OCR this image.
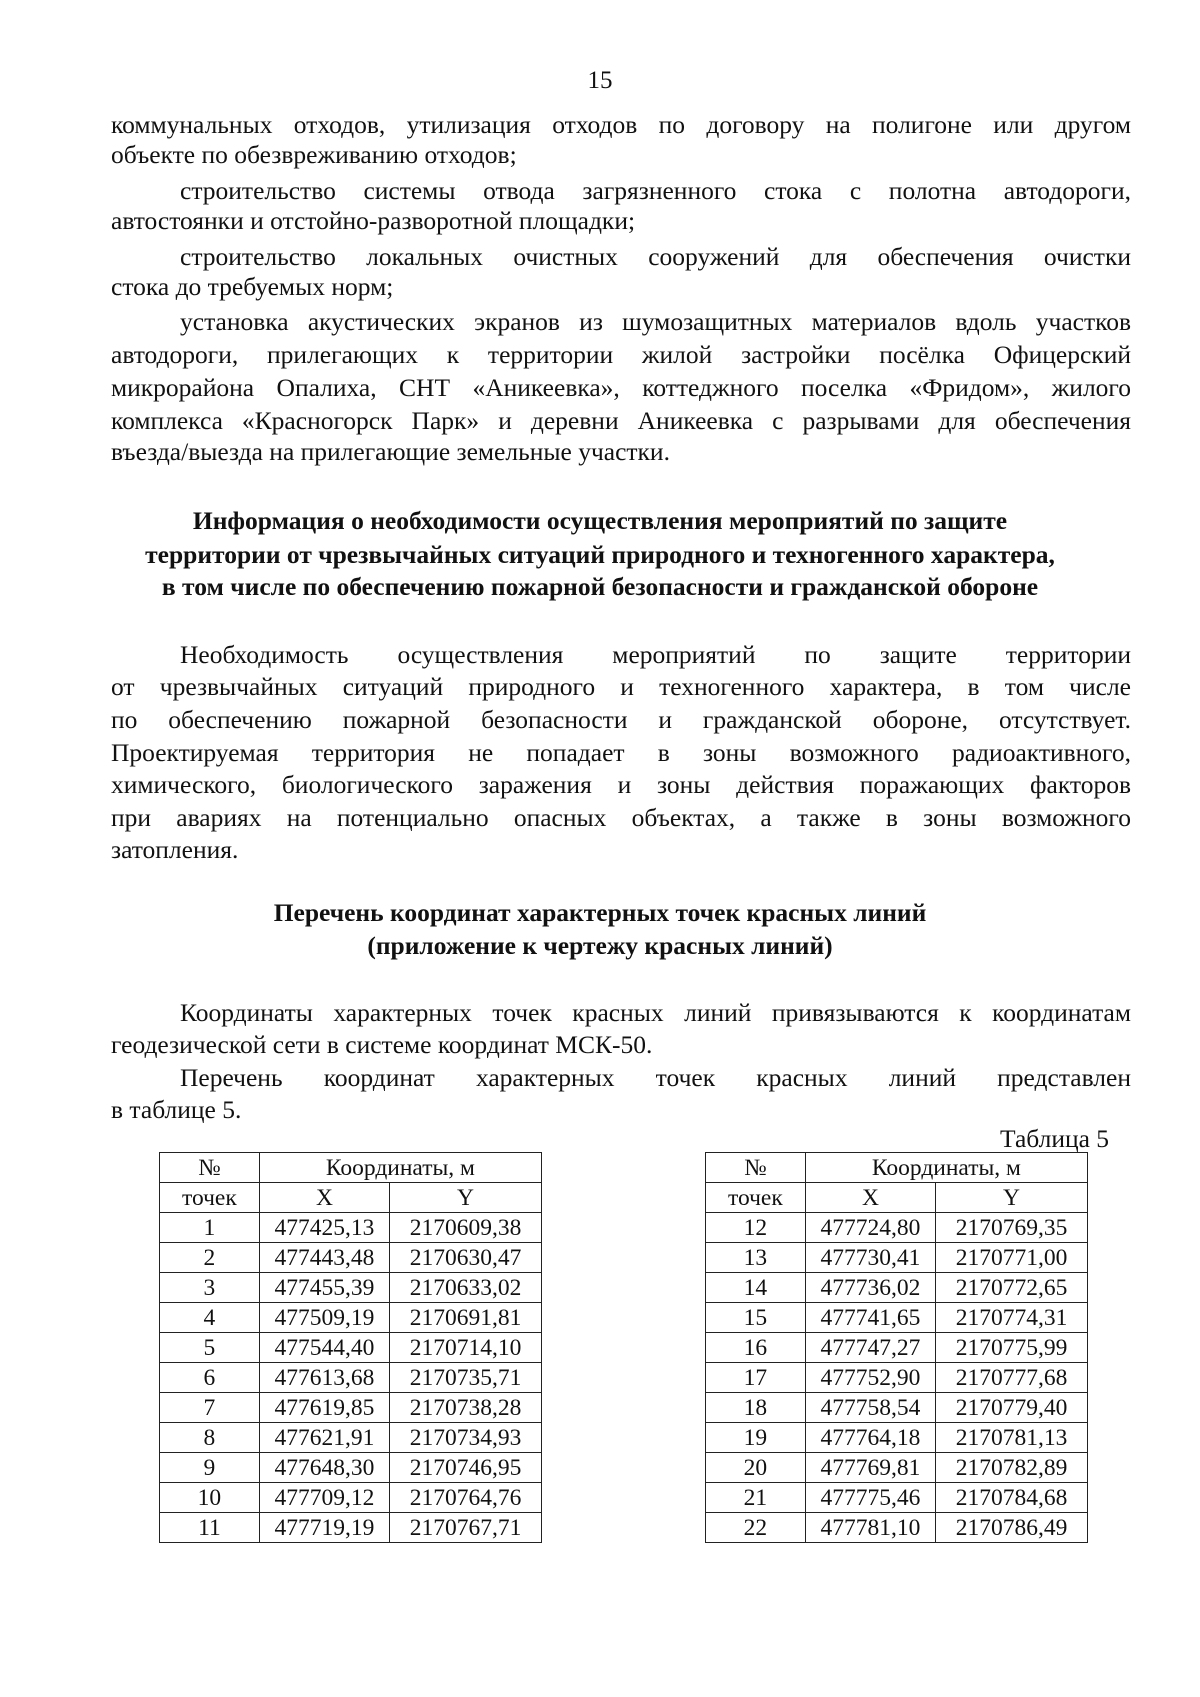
15
коммунальных отходов, утилизация отходов по договору на полигоне или другом
объекте по обезвреживанию отходов;
строительство системы отвода загрязненного стока с полотна автодороги,
автостоянки и отстойно-разворотной площадки;
строительство локальных очистных сооружений для обеспечения очистки
стока до требуемых норм;
установка акустических экранов из шумозащитных материалов вдоль участков
автодороги, прилегающих к территории жилой застройки посёлка Офицерский
микрорайона Опалиха, СНТ «Аникеевка», коттеджного поселка «Фридом», жилого
комплекса «Красногорск Парк» и деревни Аникеевка с разрывами для обеспечения
въезда/выезда на прилегающие земельные участки.
Информация о необходимости осуществления мероприятий по защите
территории от чрезвычайных ситуаций природного и техногенного характера,
в том числе по обеспечению пожарной безопасности и гражданской обороне
Необходимость осуществления мероприятий по защите территории
от чрезвычайных ситуаций природного и техногенного характера, в том числе
по обеспечению пожарной безопасности и гражданской обороне, отсутствует.
Проектируемая территория не попадает в зоны возможного радиоактивного,
химического, биологического заражения и зоны действия поражающих факторов
при авариях на потенциально опасных объектах, а также в зоны возможного
затопления.
Перечень координат характерных точек красных линий
(приложение к чертежу красных линий)
Координаты характерных точек красных линий привязываются к координатам
геодезической сети в системе координат МСК-50.
Перечень координат характерных точек красных линий представлен
в таблице 5.
Таблица 5
№	Координаты, м	
точек	X	Y
1	477425,13	2170609,38
2	477443,48	2170630,47
3	477455,39	2170633,02
4	477509,19	2170691,81
5	477544,40	2170714,10
6	477613,68	2170735,71
7	477619,85	2170738,28
8	477621,91	2170734,93
9	477648,30	2170746,95
10	477709,12	2170764,76
11	477719,19	2170767,71
№	Координаты, м	
точек	X	Y
12	477724,80	2170769,35
13	477730,41	2170771,00
14	477736,02	2170772,65
15	477741,65	2170774,31
16	477747,27	2170775,99
17	477752,90	2170777,68
18	477758,54	2170779,40
19	477764,18	2170781,13
20	477769,81	2170782,89
21	477775,46	2170784,68
22	477781,10	2170786,49
